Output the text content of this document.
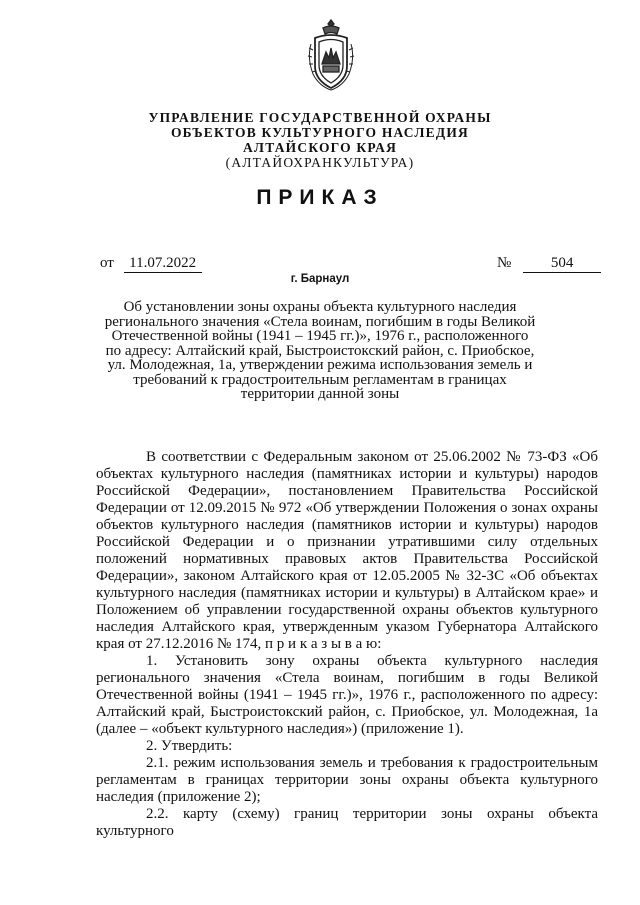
УПРАВЛЕНИЕ ГОСУДАРСТВЕННОЙ ОХРАНЫ
ОБЪЕКТОВ КУЛЬТУРНОГО НАСЛЕДИЯ
АЛТАЙСКОГО КРАЯ
(АЛТАЙОХРАНКУЛЬТУРА)
ПРИКАЗ
от 11.07.2022	№	504
г. Барнаул
Об установлении зоны охраны объекта культурного наследия
регионального значения «Стела воинам, погибшим в годы Великой
Отечественной войны (1941 – 1945 гг.)», 1976 г., расположенного
по адресу: Алтайский край, Быстроистокский район, с. Приобское,
ул. Молодежная, 1а, утверждении режима использования земель и
требований к градостроительным регламентам в границах
территории данной зоны

В соответствии с Федеральным законом от 25.06.2002 № 73-ФЗ «Об объектах культурного наследия (памятниках истории и культуры) народов Российской Федерации», постановлением Правительства Российской Федерации от 12.09.2015 № 972 «Об утверждении Положения о зонах охраны объектов культурного наследия (памятников истории и культуры) народов Российской Федерации и о признании утратившими силу отдельных положений нормативных правовых актов Правительства Российской Федерации», законом Алтайского края от 12.05.2005 № 32-ЗС «Об объектах культурного наследия (памятниках истории и культуры) в Алтайском крае» и Положением об управлении государственной охраны объектов культурного наследия Алтайского края, утвержденным указом Губернатора Алтайского края от 27.12.2016 № 174, п р и к а з ы в а ю:

1. Установить зону охраны объекта культурного наследия регионального значения «Стела воинам, погибшим в годы Великой Отечественной войны (1941 – 1945 гг.)», 1976 г., расположенного по адресу: Алтайский край, Быстроистокский район, с. Приобское, ул. Молодежная, 1а (далее – «объект культурного наследия») (приложение 1).

2. Утвердить:

2.1. режим использования земель и требования к градостроительным регламентам в границах территории зоны охраны объекта культурного наследия (приложение 2);

2.2. карту (схему) границ территории зоны охраны объекта культурного
